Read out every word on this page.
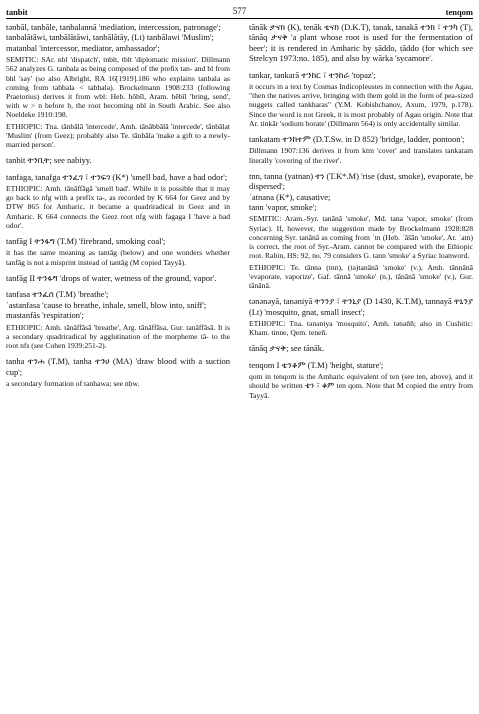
tanbit	577	tenqom

tənbāl, tanbāle, tanbalannā 'mediation, intercession, patronage';

tanbalātāwi, tanbālātāwi, tanbālātāy, (Lt) tanbālawi 'Muslim';

matanbal 'intercessor, mediator, ambassador';

SEMITIC: SAr. nbl 'dispatch', tnblt, tblt 'diplomatic mission'. Dillmann 562 analyzes G. tanbala as being composed of the prefix tan- and bl from bhl 'say' (so also Albright, RA 16[1919].186 who explains tanbala as coming from tabbala < tabhala). Brockelmann 1908:233 (following Praetorius) derives it from wbl: Heb. hôbîl, Aram. hêbîl 'bring, send', with w > n before b, the root becoming nbl in South Arabic. See also Noeldeke 1910:198.

ETHIOPIC: Tna. tānbālā 'intercede', Amh. tānābbālā 'intercede', tānbālat 'Muslim' (from Geez); probably also Te. tānbāla 'make a gift to a newly-married person'.

tanbit ትንቢት; see nabiyy.

tanfaga, tanafga ተንፈገ ፣ ተንፍገ (K*) 'smell bad, have a bad odor';

ETHIOPIC: Amh. tānāffāgā 'smell bad'. While it is possible that it may go back to nfg with a prefix ta-, as recorded by K 664 for Geez and by DTW 865 for Amharic, it became a quadriradical in Geez and in Amharic. K 664 connects the Geez root nfg with fagaga I 'have a bad odor'.

tanfāg I ትንፋግ (T.M) 'firebrand, smoking coal';

it has the same meaning as tantāg (below) and one wonders whether tanfāg is not a misprint instead of tantāg (M copied Tayyā).

tanfāg II ትንፋግ 'drops of water, wetness of the ground, vapor'.

tanfasa ተንፈሰ (T.M) 'breathe';

ʾastanfasa 'cause to breathe, inhale, smell, blow into, sniff';

mastanfās 'respiration';

ETHIOPIC: Amh. tānāffāsā 'breathe', Arg. tānāffāsa, Gur. tanāffāsā. It is a secondary quadriradical by agglutination of the morpheme tā- to the root nfs (see Cohen 1939:251-2).

tanha ተንሐ (T.M), tanha ተንሀ (MA) 'draw blood with a suction cup';

a secondary formation of tanhawa; see nḥw.

tānāk ታናክ (K), tenāk ቴናክ (D.K.T), tanak, tanakā ተንክ ፣ ተንካ (T), tānāq ታናቅ 'a plant whose root is used for the fermentation of beer'; it is rendered in Amharic by ṣāddo, ṭāddo (for which see Strelcyn 1973:no. 185), and also by wārka 'sycamore'.

tankar, tankarā ተንከር ፣ ተንከራ 'topaz';

it occurs in a text by Cosmas Indicopleustes in connection with the Agau, "then the natives arrive, bringing with them gold in the form of pea-sized nuggets called tankharas" (Y.M. Kobishchanov, Axum, 1979, p.178). Since the word is not Greek, it is most probably of Agau origin. Note that Ar. tinkār 'sodium borate' (Dillmann 564) is only accidentally similar.

tankatam ተንከተም (D.T.Sw. in D 852) 'bridge, ladder, pontoon';

Dillmann 1907:136 derives it from ktm 'cover' and translates tankatam literally 'covering of the river'.

tnn, tanna (yatnan) ተነ (T.K*.M) 'rise (dust, smoke), evaporate, be dispersed';

ʾatnana (K*), causative;

tann 'vapor, smoke';

SEMITIC: Aram.-Syr. tanānā 'smoke', Md. tana 'vapor, smoke' (from Syriac). If, however, the suggestion made by Brockelmann 1928:828 concerning Syr. tanānā as coming from ʿtn (Heb. ʿāšān 'smoke', Ar. ʿatn) is correct, the root of Syr.-Aram. cannot be compared with the Ethiopic root. Rabin, HS: 92, no. 79 considers G. tann 'smoke' a Syriac loanword.

ETHIOPIC: Te. tānna (tnn), (tə)tanānā 'smoke' (v.), Amh. tānnānā 'evaporate, vaporize', Gaf. tānnā 'smoke' (n.), tānānā 'smoke' (v.), Gur. tānānā.

tənənəyā, tanəniyā ትንንያ ፣ ትንኒያ (D 1430, K.T.M), tannayā ትኒንያ (Lt) 'mosquito, gnat, small insect';

ETHIOPIC: Tna. tənəniya 'mosquito', Amh. tənəññ; also in Cushitic: Kham. tinne, Qem. teneñ.

tānāq ታናቅ; see tānāk.

tenqom I ቴንቆም (T.M) 'height, stature';

qom in tenqom is the Amharic equivalent of ten (see ten, above), and it should be written ቴን ፣ ቆም ten qom. Note that M copied the entry from Tayyā.
